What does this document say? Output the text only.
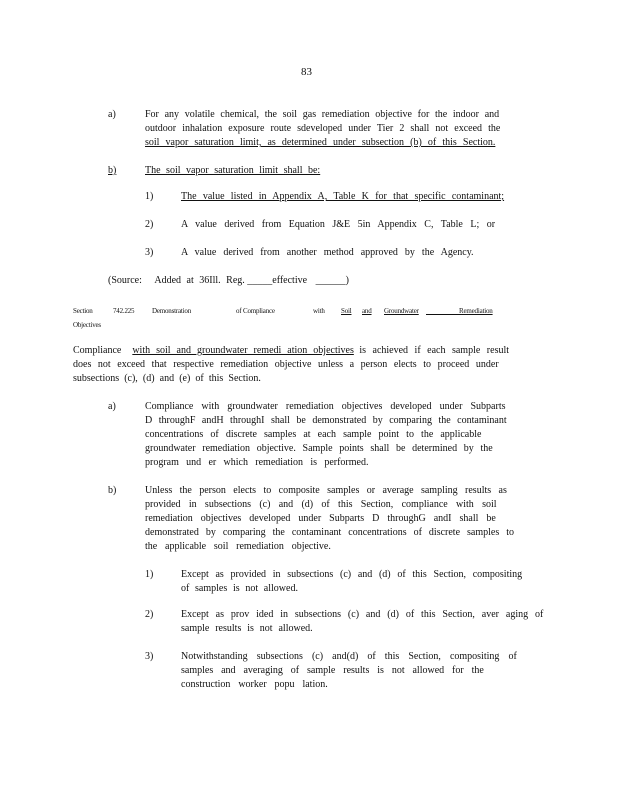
83
a)	For any volatile chemical, the soil gas remediation objective for the indoor and
outdoor inhalation exposure route sdeveloped under Tier 2 shall not exceed the
soil vapor saturation limit, as determined under subsection (b) of this Section.
b)	The soil vapor saturation limit shall be:
1)	The value listed in Appendix A, Table K for that specific contaminant;
2)	A value derived from Equation J&E 5in Appendix C, Table L; or
3)	A value derived from another method approved by the Agency.
(Source: Added at 36Ill. Reg. _____effective ______)
Section	742.225	Demonstration	of Compliance	with Soil and Groundwater	Remediation
Objectives
Compliance with soil and groundwater remedi ation objectives is achieved if each sample result
does not exceed that respective remediation objective unless a person elects to proceed under
subsections (c), (d) and (e) of this Section.
a)	Compliance with groundwater remediation objectives developed under Subparts
D throughF andH throughI shall be demonstrated by comparing the contaminant
concentrations of discrete samples at each sample point to the applicable
groundwater remediation objective. Sample points shall be determined by the
program und er which remediation is performed.
b)	Unless the person elects to composite samples or average sampling results as
provided in subsections (c) and (d) of this Section, compliance with soil
remediation objectives developed under Subparts D throughG andI shall be
demonstrated by comparing the contaminant concentrations of discrete samples to
the applicable soil remediation objective.
1)	Except as provided in subsections (c) and (d) of this Section, compositing
of samples is not allowed.
2)	Except as prov ided in subsections (c) and (d) of this Section, aver aging of
sample results is not allowed.
3)	Notwithstanding subsections (c) and(d) of this Section, compositing of
samples and averaging of sample results is not allowed for the
construction worker popu lation.
